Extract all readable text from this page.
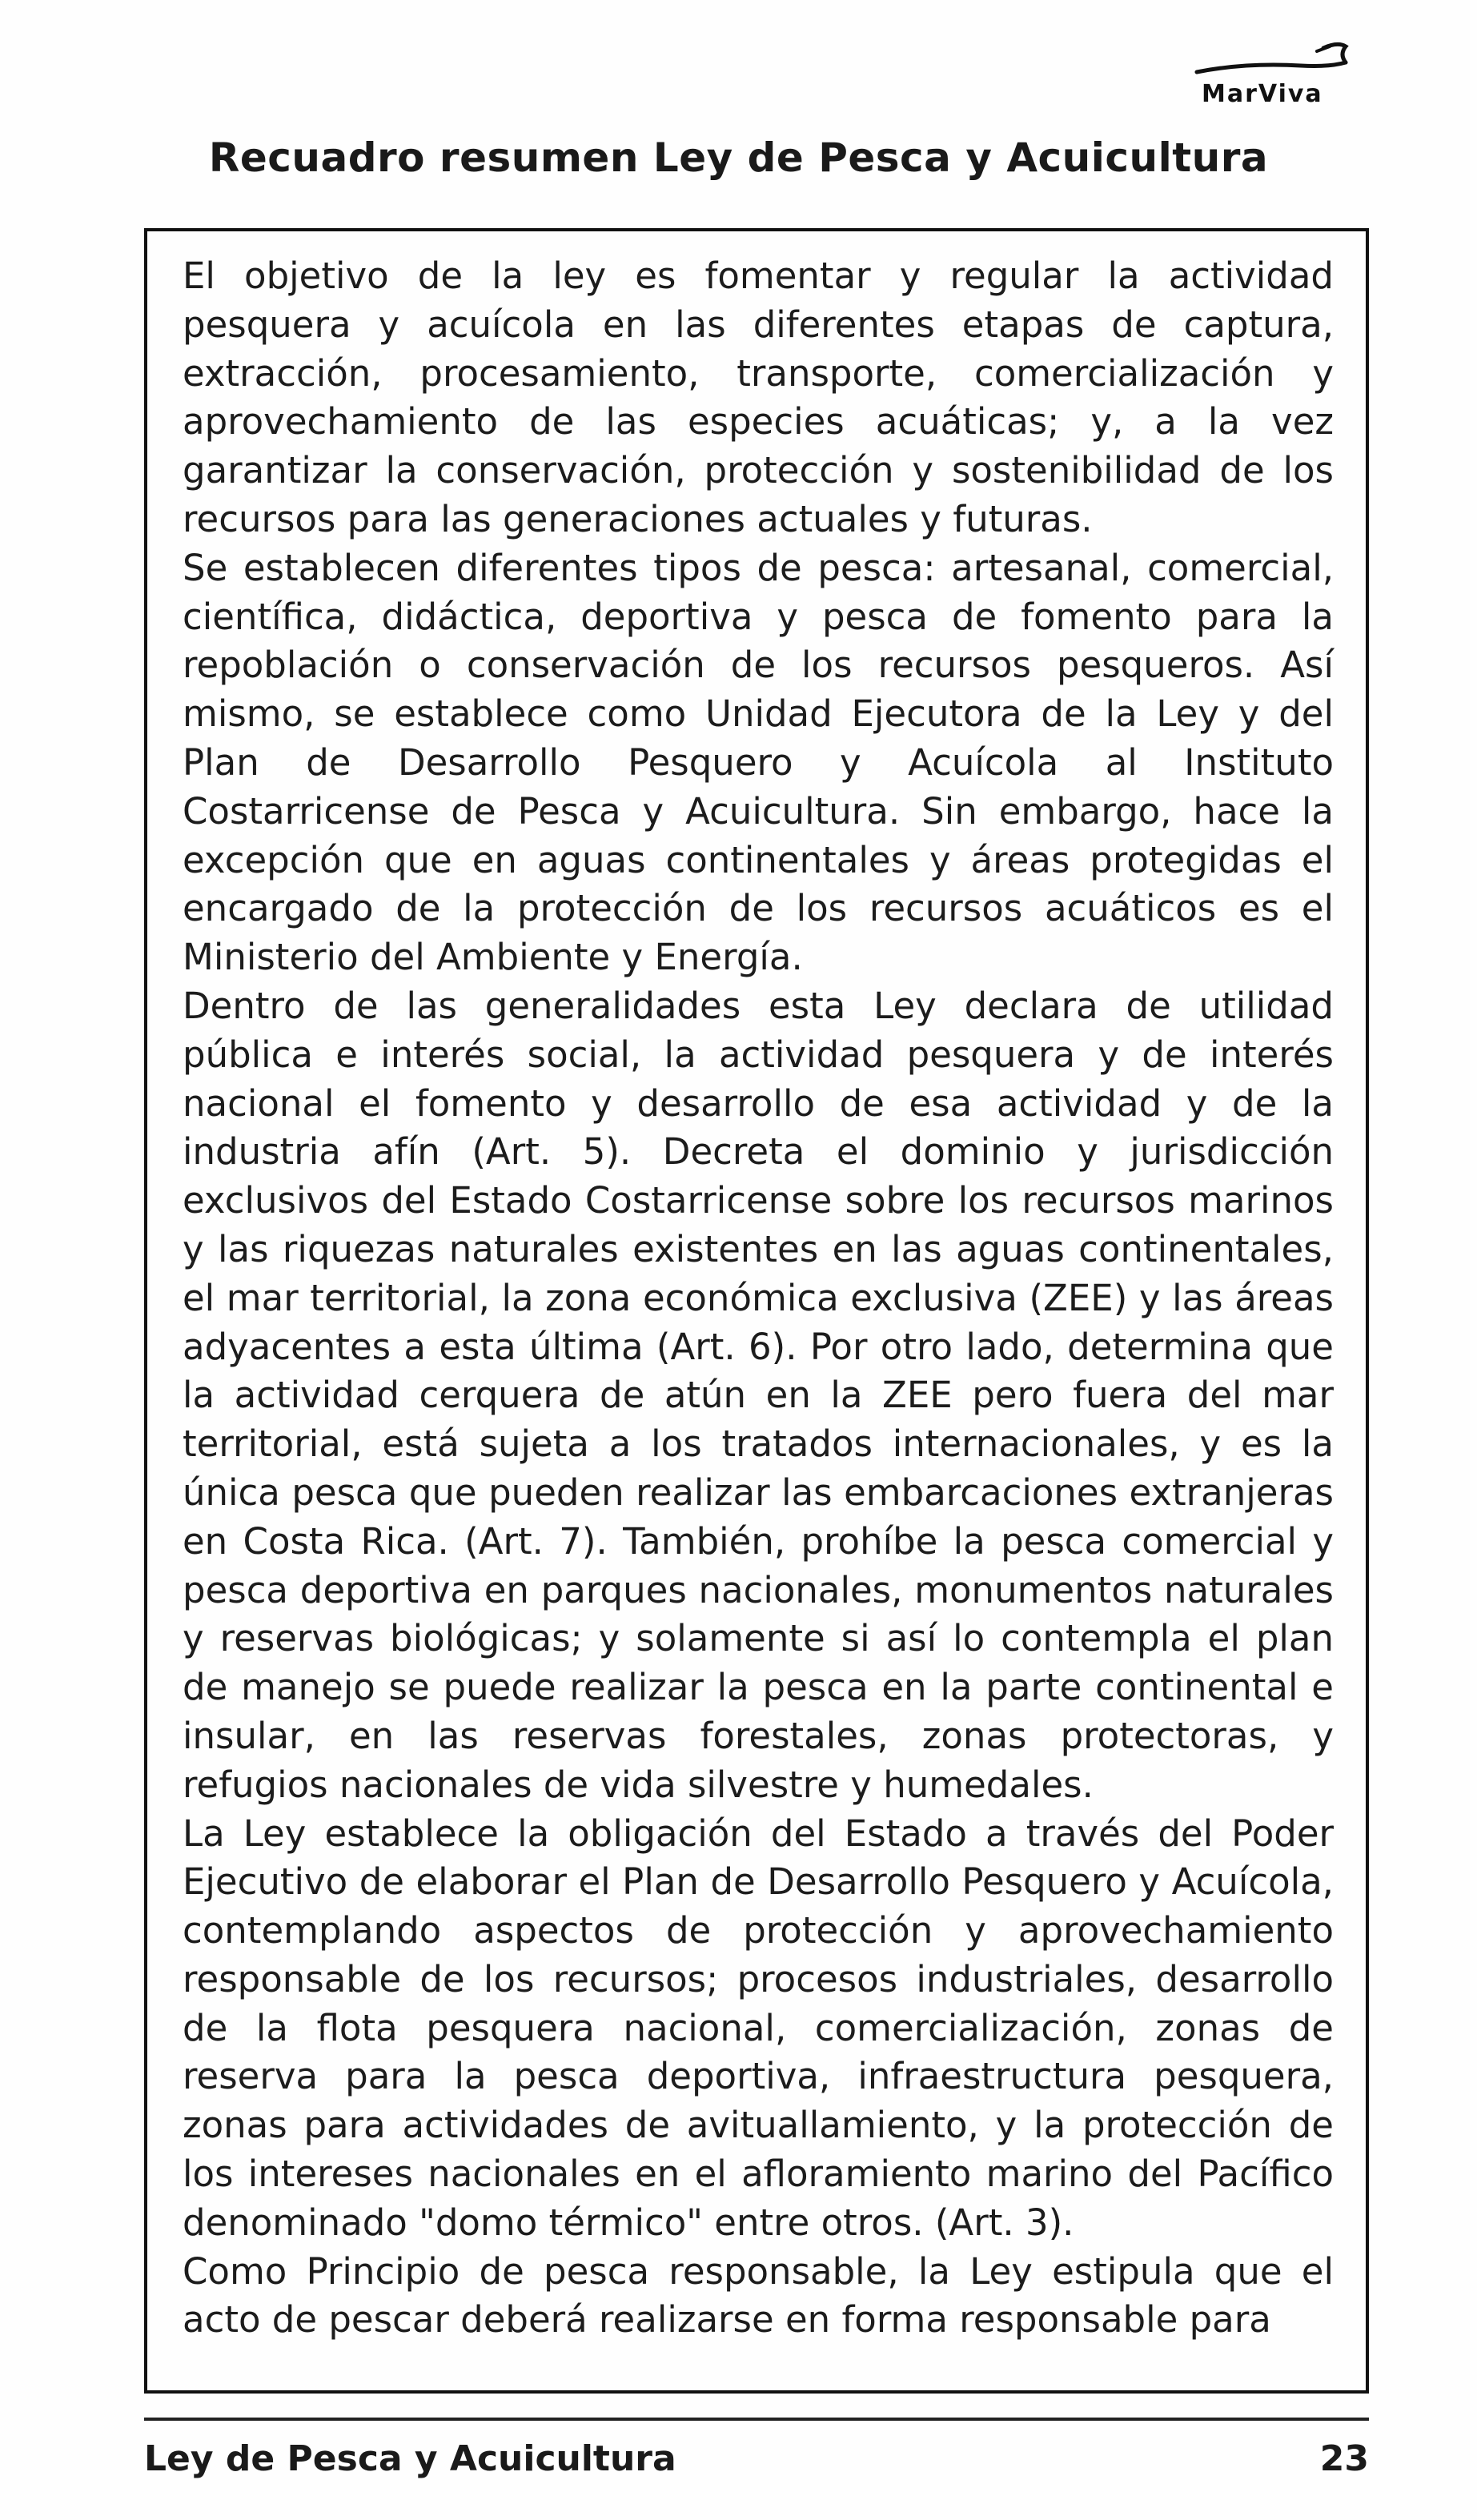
MarViva
Recuadro resumen Ley de Pesca y Acuicultura

El objetivo de la ley es fomentar y regular la actividad pesquera y acuícola en las diferentes etapas de captura, extracción, procesamiento, transporte, comercialización y aprovechamiento de las especies acuáticas; y, a la vez garantizar la conservación, protección y sostenibilidad de los recursos para las generaciones actuales y futuras.

Se establecen diferentes tipos de pesca: artesanal, comercial, científica, didáctica, deportiva y pesca de fomento para la repoblación o conservación de los recursos pesqueros. Así mismo, se establece como Unidad Ejecutora de la Ley y del Plan de Desarrollo Pesquero y Acuícola al Instituto Costarricense de Pesca y Acuicultura. Sin embargo, hace la excepción que en aguas continentales y áreas protegidas el encargado de la protección de los recursos acuáticos es el Ministerio del Ambiente y Energía.

Dentro de las generalidades esta Ley declara de utilidad pública e interés social, la actividad pesquera y de interés nacional el fomento y desarrollo de esa actividad y de la industria afín (Art. 5). Decreta el dominio y jurisdicción exclusivos del Estado Costarricense sobre los recursos marinos y las riquezas naturales existentes en las aguas continentales, el mar territorial, la zona económica exclusiva (ZEE) y las áreas adyacentes a esta última (Art. 6). Por otro lado, determina que la actividad cerquera de atún en la ZEE pero fuera del mar territorial, está sujeta a los tratados internacionales, y es la única pesca que pueden realizar las embarcaciones extranjeras en Costa Rica. (Art. 7). También, prohíbe la pesca comercial y pesca deportiva en parques nacionales, monumentos naturales y reservas biológicas; y solamente si así lo contempla el plan de manejo se puede realizar la pesca en la parte continental e insular, en las reservas forestales, zonas protectoras, y refugios nacionales de vida silvestre y humedales.

La Ley establece la obligación del Estado a través del Poder Ejecutivo de elaborar el Plan de Desarrollo Pesquero y Acuícola, contemplando aspectos de protección y aprovechamiento responsable de los recursos; procesos industriales, desarrollo de la flota pesquera nacional, comercialización, zonas de reserva para la pesca deportiva, infraestructura pesquera, zonas para actividades de avituallamiento, y la protección de los intereses nacionales en el afloramiento marino del Pacífico denominado "domo térmico" entre otros. (Art. 3).

Como Principio de pesca responsable, la Ley estipula que el acto de pescar deberá realizarse en forma responsable para

Ley de Pesca y Acuicultura	23
